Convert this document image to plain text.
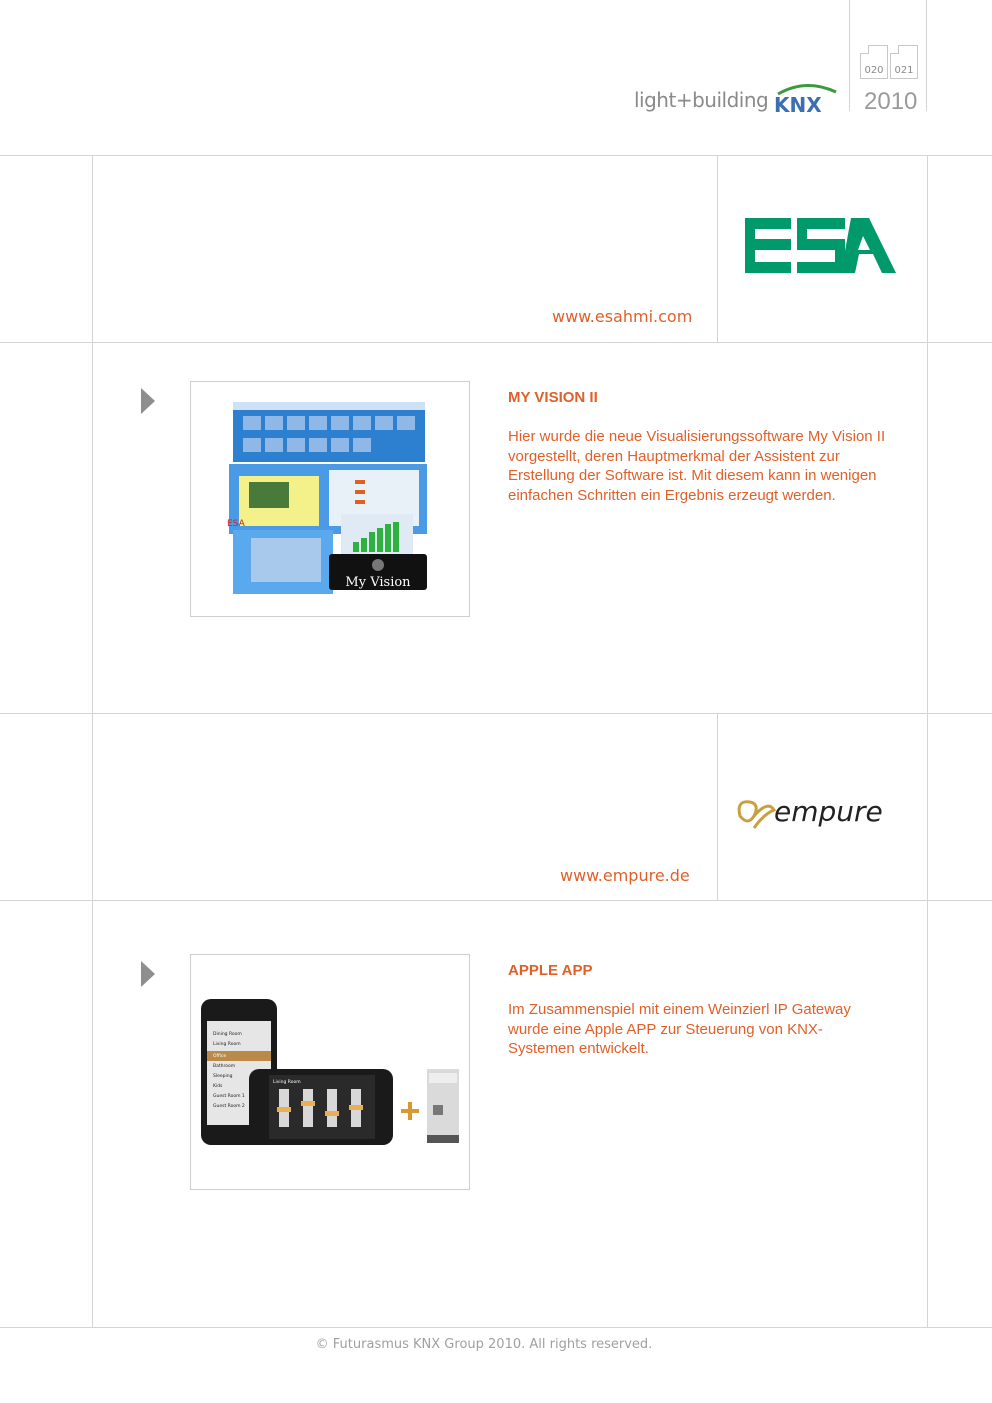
light+building KNX
020	021
2010
www.esahmi.com
ESA
My Vision
MY VISION II
Hier wurde die neue Visualisierungssoftware My Vision II vorgestellt, deren Hauptmerkmal der Assistent zur Erstellung der Software ist. Mit diesem kann in wenigen einfachen Schritten ein Ergebnis erzeugt werden.
www.empure.de
empure
Dining Room
Living Room
Office
Bathroom
Sleeping
Kids
Guest Room 1
Guest Room 2
Living Room
APPLE APP
Im Zusammenspiel mit einem Weinzierl IP Gateway wurde eine Apple APP zur Steuerung von KNX-Systemen entwickelt.
© Futurasmus KNX Group 2010. All rights reserved.
